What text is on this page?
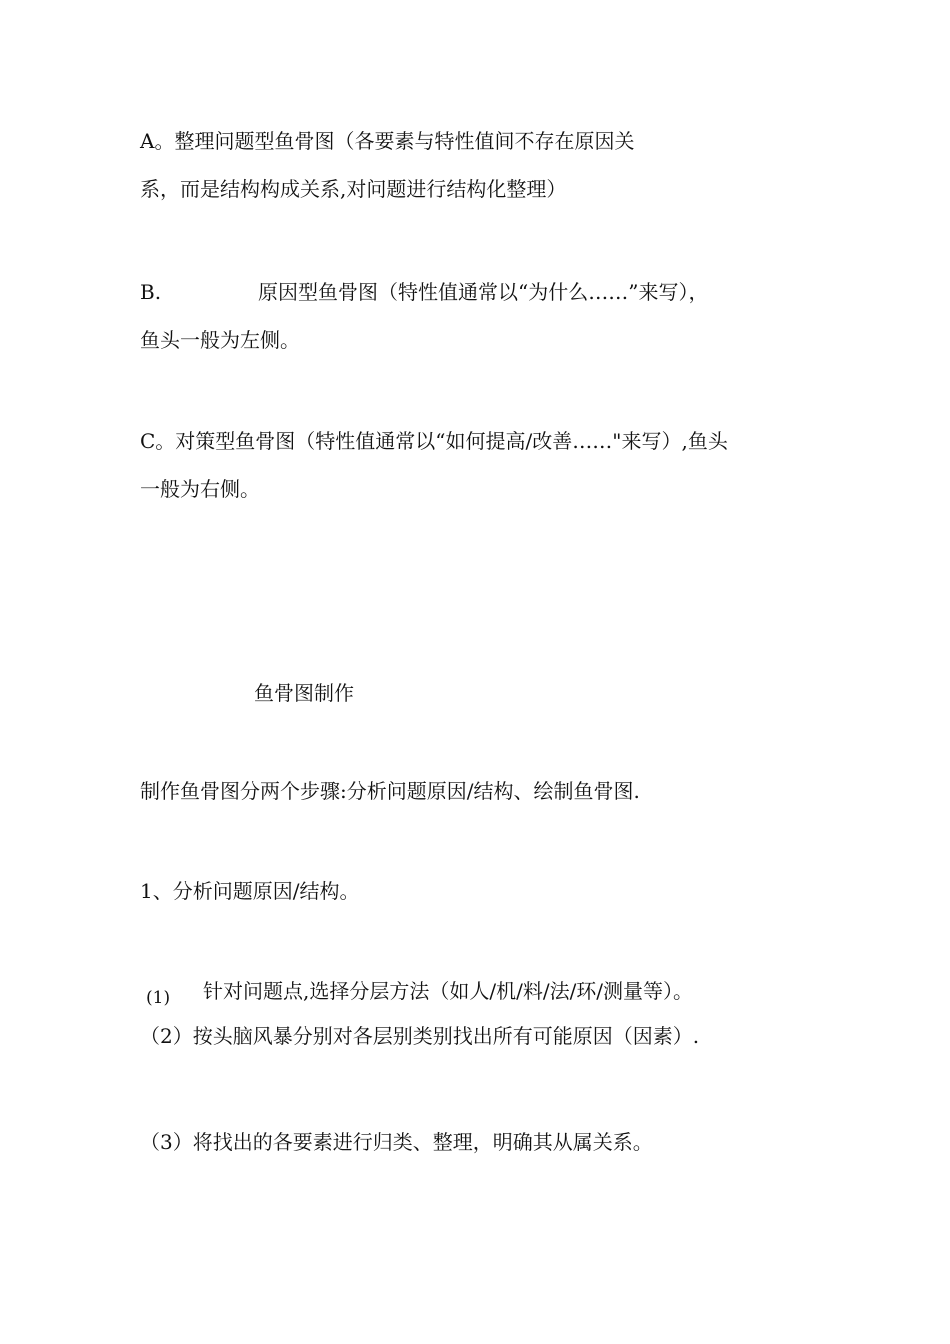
A。整理问题型鱼骨图（各要素与特性值间不存在原因关
系，而是结构构成关系,对问题进行结构化整理）
B.	原因型鱼骨图（特性值通常以“为什么……”来写），
鱼头一般为左侧。
C。对策型鱼骨图（特性值通常以“如何提高/改善……"来写）,鱼头
一般为右侧。
鱼骨图制作
制作鱼骨图分两个步骤:分析问题原因/结构、绘制鱼骨图.
1、分析问题原因/结构。
(1) 针对问题点,选择分层方法（如人/机/料/法/环/测量等）。
（2）按头脑风暴分别对各层别类别找出所有可能原因（因素）.
（3）将找出的各要素进行归类、整理，明确其从属关系。
